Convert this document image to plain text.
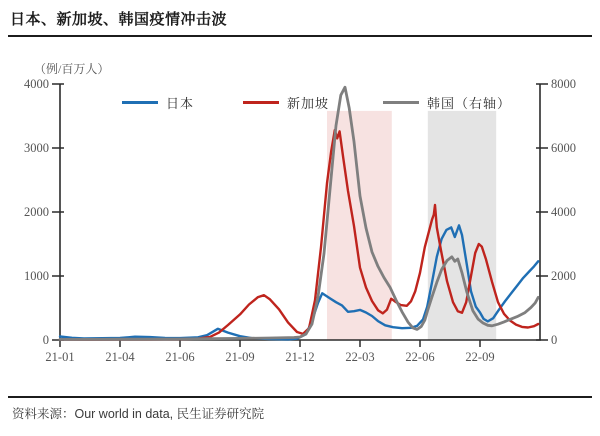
日本、新加坡、韩国疫情冲击波
（例/百万人）
0
1000
2000
3000
4000
0
2000
4000
6000
8000
21-01 21-04 21-06 21-09 21-12 22-03 22-06 22-09
日本	新加坡	韩国（右轴）
资料来源：Our world in data, 民生证券研究院
